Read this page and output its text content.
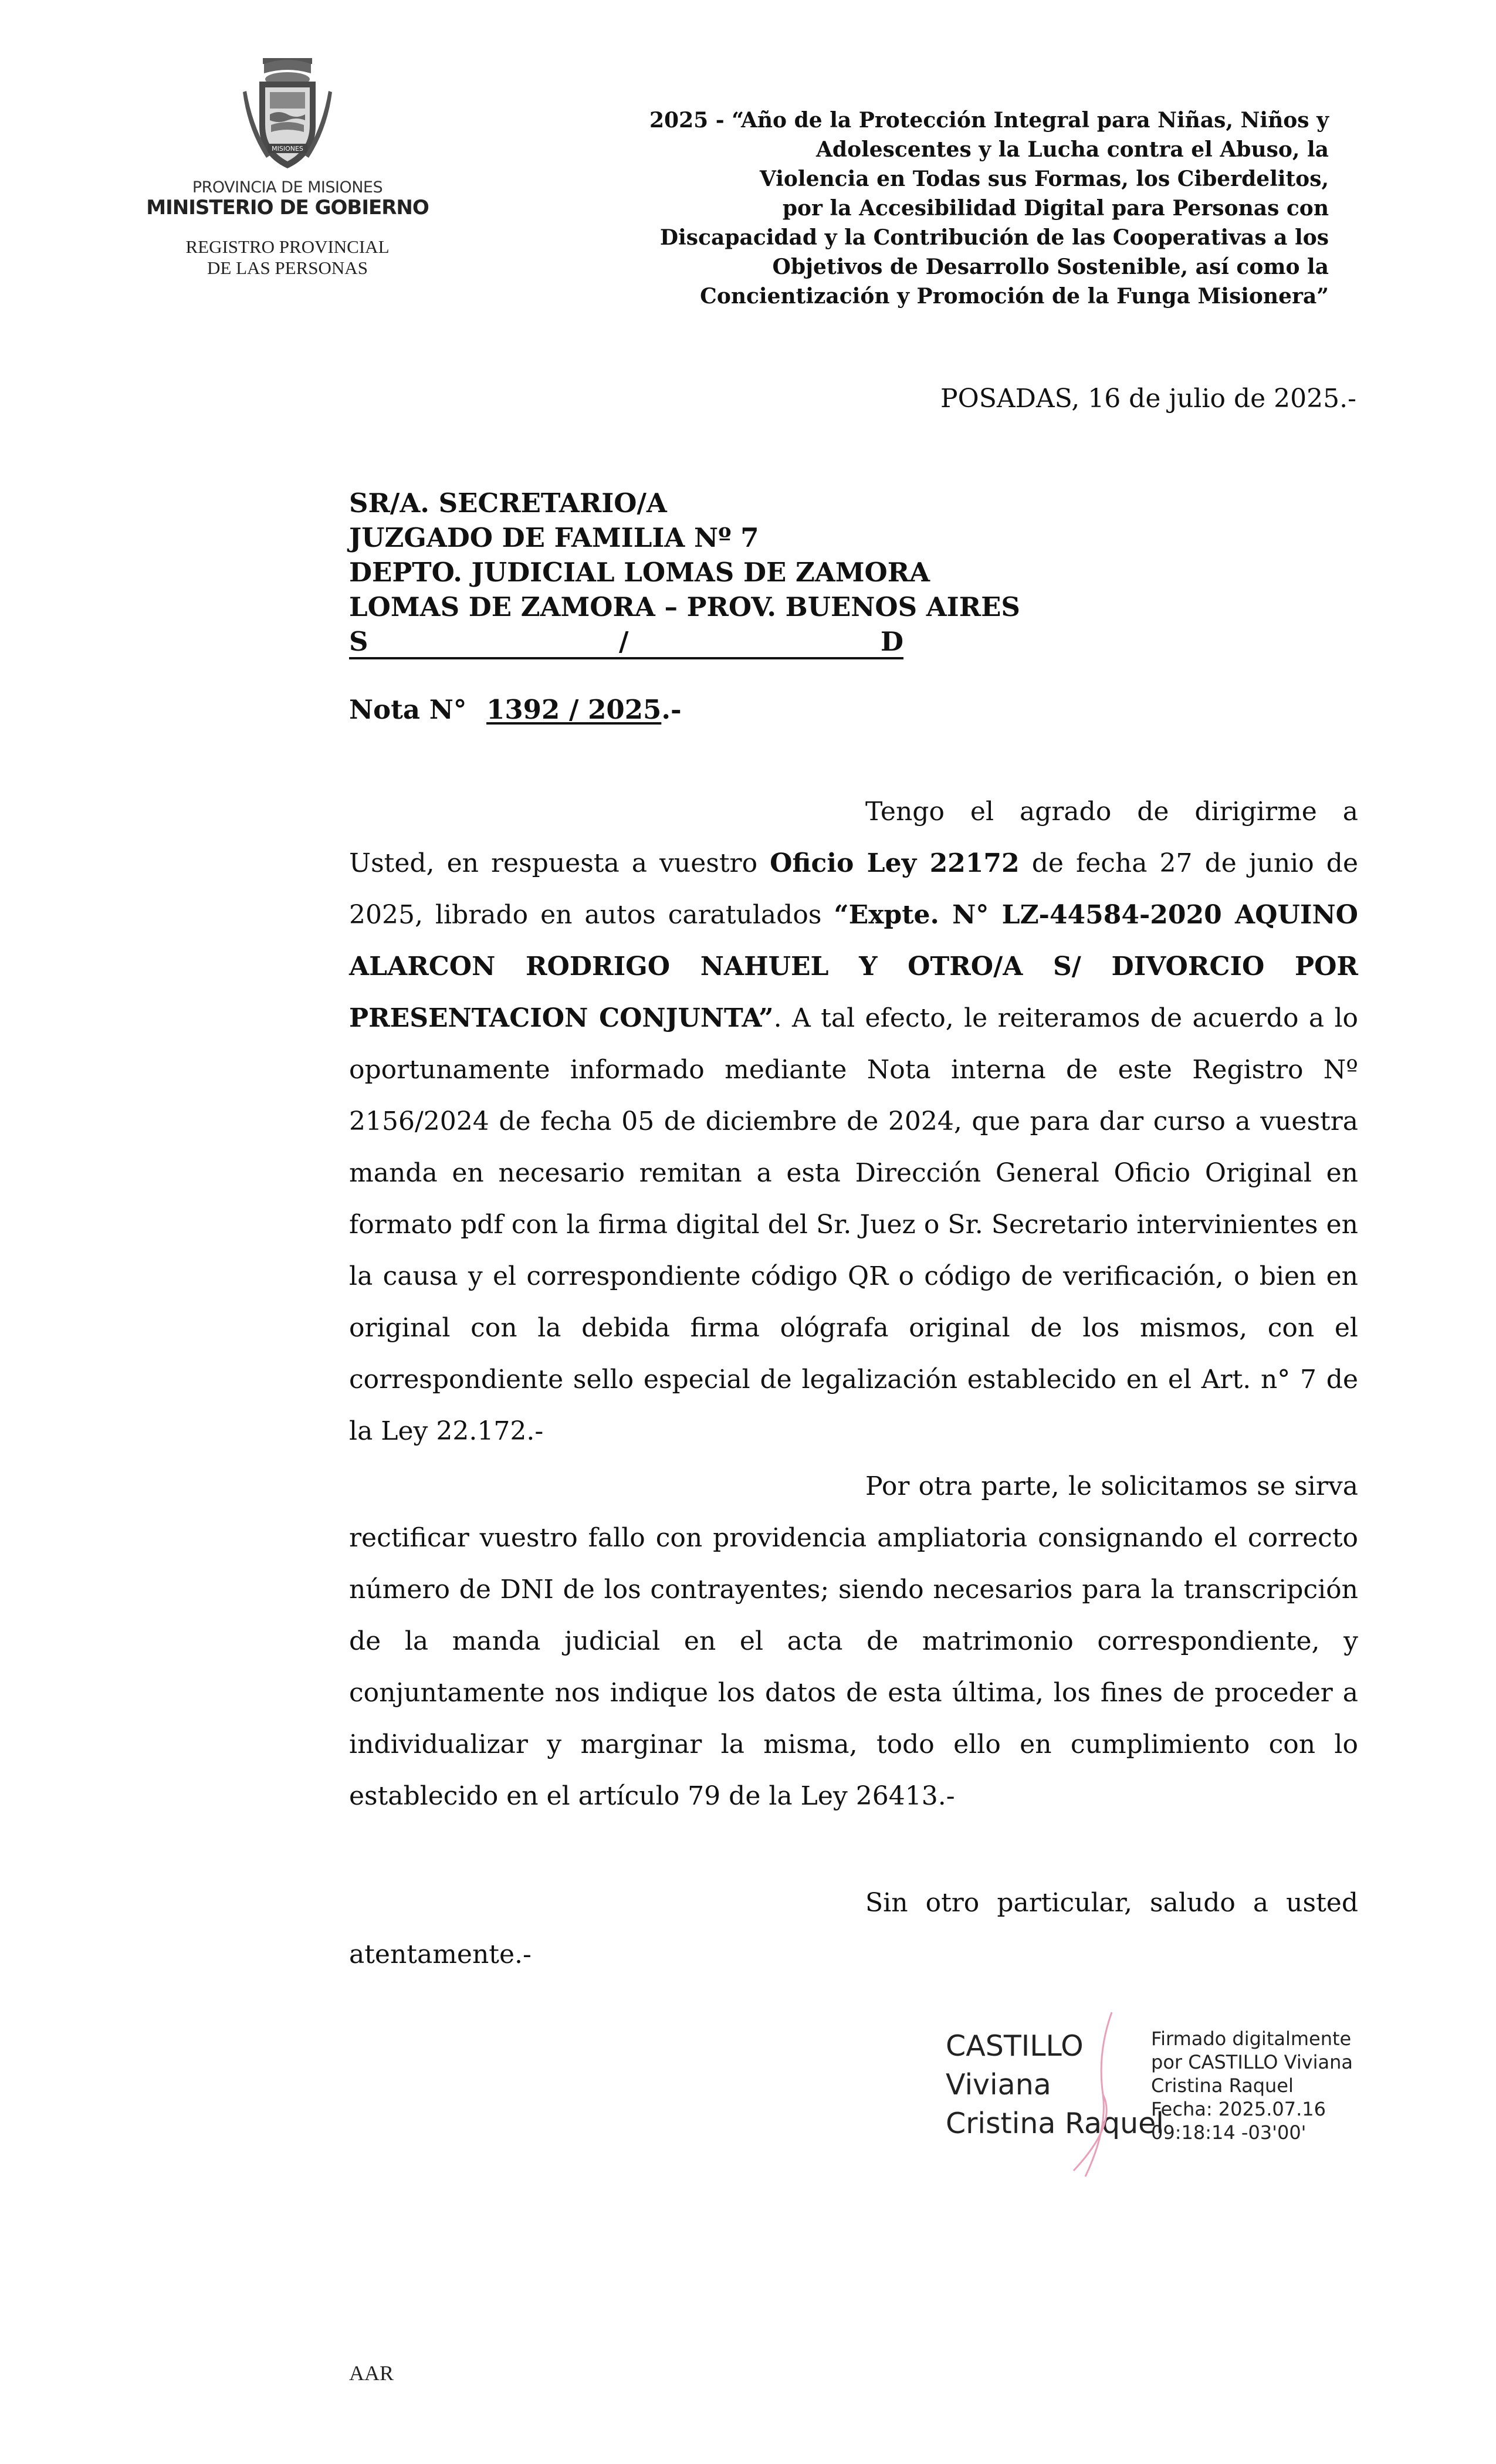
MISIONES
PROVINCIA DE MISIONES
MINISTERIO DE GOBIERNO
REGISTRO PROVINCIAL
DE LAS PERSONAS
2025 - “Año de la Protección Integral para Niñas, Niños y
Adolescentes y la Lucha contra el Abuso, la
Violencia en Todas sus Formas, los Ciberdelitos,
por la Accesibilidad Digital para Personas con
Discapacidad y la Contribución de las Cooperativas a los
Objetivos de Desarrollo Sostenible, así como la
Concientización y Promoción de la Funga Misionera”
POSADAS, 16 de julio de 2025.-
SR/A. SECRETARIO/A
JUZGADO DE FAMILIA Nº 7
DEPTO. JUDICIAL LOMAS DE ZAMORA
LOMAS DE ZAMORA – PROV. BUENOS AIRES
S	/	D
Nota N° 1392 / 2025.-
Tengo el agrado de dirigirme a Usted, en respuesta a vuestro Oficio Ley 22172 de fecha 27 de junio de 2025, librado en autos caratulados “Expte. N° LZ-44584-2020 AQUINO ALARCON RODRIGO NAHUEL Y OTRO/A S/ DIVORCIO POR PRESENTACION CONJUNTA”. A tal efecto, le reiteramos de acuerdo a lo oportunamente informado mediante Nota interna de este Registro Nº 2156/2024 de fecha 05 de diciembre de 2024, que para dar curso a vuestra manda en necesario remitan a esta Dirección General Oficio Original en formato pdf con la firma digital del Sr. Juez o Sr. Secretario intervinientes en la causa y el correspondiente código QR o código de verificación, o bien en original con la debida firma ológrafa original de los mismos, con el correspondiente sello especial de legalización establecido en el Art. n° 7 de la Ley 22.172.-
Por otra parte, le solicitamos se sirva rectificar vuestro fallo con providencia ampliatoria consignando el correcto número de DNI de los contrayentes; siendo necesarios para la transcripción de la manda judicial en el acta de matrimonio correspondiente, y conjuntamente nos indique los datos de esta última, los fines de proceder a individualizar y marginar la misma, todo ello en cumplimiento con lo establecido en el artículo 79 de la Ley 26413.-
Sin otro particular, saludo a usted atentamente.-
CASTILLO
Viviana
Cristina Raquel
Firmado digitalmente
por CASTILLO Viviana
Cristina Raquel
Fecha: 2025.07.16
09:18:14 -03'00'
AAR
